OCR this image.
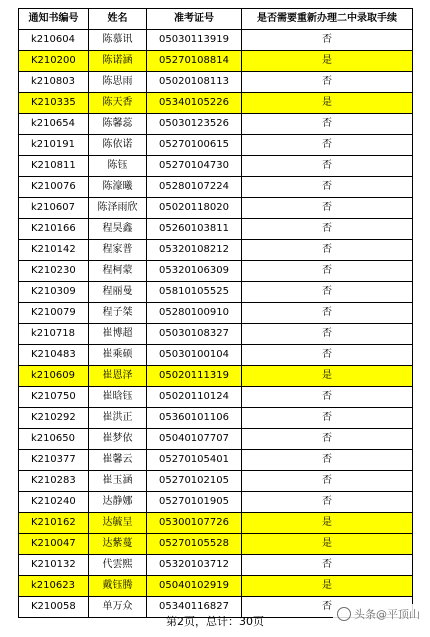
通知书编号	姓名	准考证号	是否需要重新办理二中录取手续
k210604	陈慕讯	05030113919	否
K210200	陈诺涵	05270108814	是
k210803	陈思雨	05020108113	否
K210335	陈天香	05340105226	是
k210654	陈馨蕊	05030123526	否
k210191	陈依诺	05270100615	否
K210811	陈钰	05270104730	否
K210076	陈濠曦	05280107224	否
k210607	陈泽雨欣	05020118020	否
K210166	程昊鑫	05260103811	否
K210142	程家普	05320108212	否
K210230	程柯蒙	05320106309	否
K210309	程丽曼	05810105525	否
K210079	程子桀	05280100910	否
k210718	崔博超	05030108327	否
K210483	崔乘硕	05030100104	否
k210609	崔恩泽	05020111319	是
K210750	崔晗钰	05020110124	否
K210292	崔洪正	05360101106	否
k210650	崔梦依	05040107707	否
K210377	崔馨云	05270105401	否
K210283	崔玉涵	05270102105	否
K210240	达静娜	05270101905	否
K210162	达毓呈	05300107726	是
K210047	达紫蔓	05270105528	是
K210132	代雲熙	05320103712	否
k210623	戴钰腾	05040102919	是
K210058	单万众	05340116827	否
第2页，总计：30页
头条@平顶山
